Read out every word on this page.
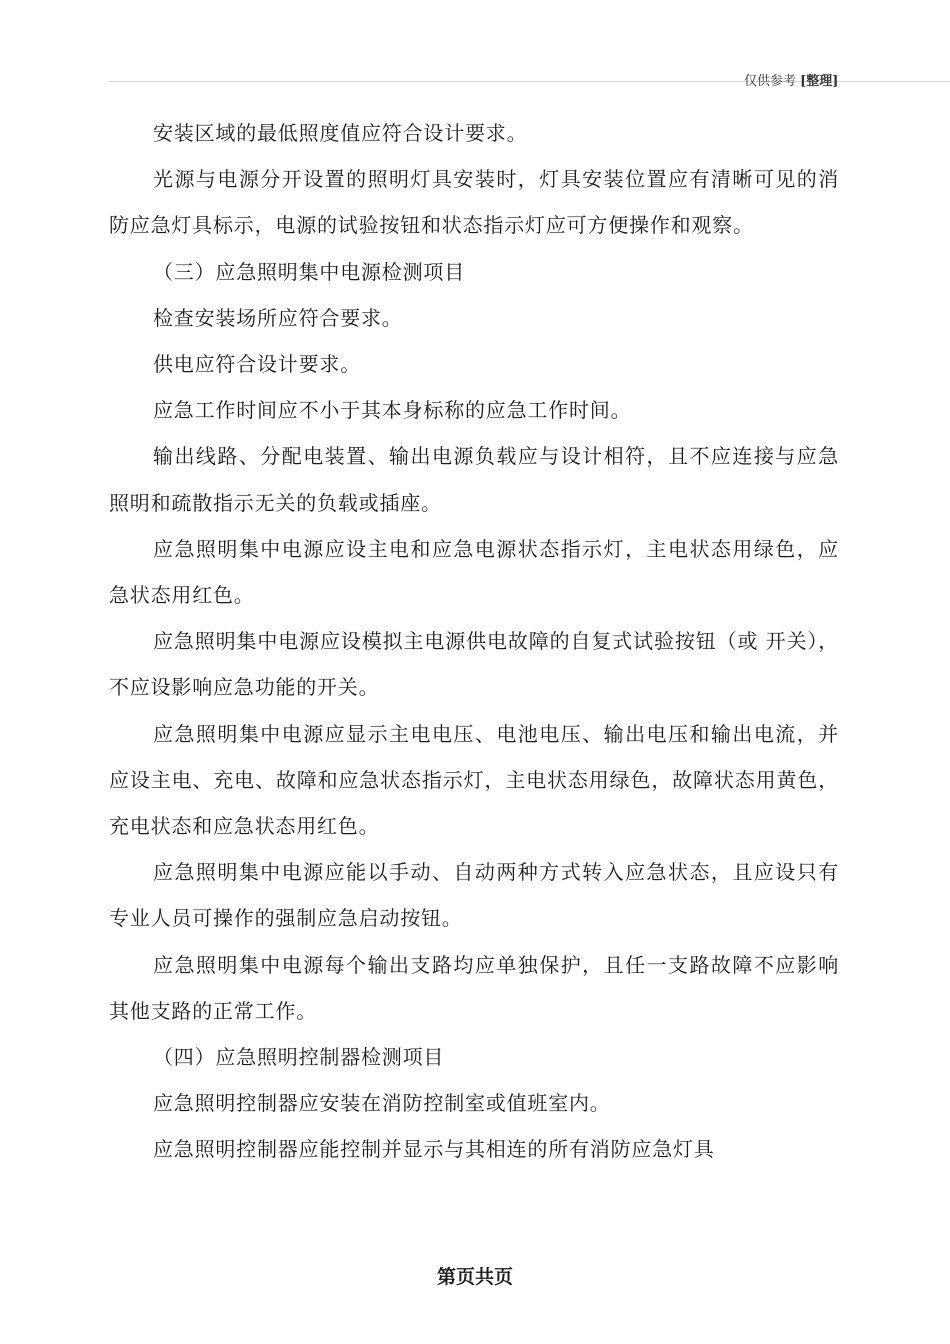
仅供参考 [整理]

安装区域的最低照度值应符合设计要求。

光源与电源分开设置的照明灯具安装时，灯具安装位置应有清晰可见的消防应急灯具标示，电源的试验按钮和状态指示灯应可方便操作和观察。

（三）应急照明集中电源检测项目

检查安装场所应符合要求。

供电应符合设计要求。

应急工作时间应不小于其本身标称的应急工作时间。

输出线路、分配电装置、输出电源负载应与设计相符，且不应连接与应急照明和疏散指示无关的负载或插座。

应急照明集中电源应设主电和应急电源状态指示灯，主电状态用绿色，应急状态用红色。

应急照明集中电源应设模拟主电源供电故障的自复式试验按钮（或 开关），不应设影响应急功能的开关。

应急照明集中电源应显示主电电压、电池电压、输出电压和输出电流，并应设主电、充电、故障和应急状态指示灯，主电状态用绿色，故障状态用黄色，充电状态和应急状态用红色。

应急照明集中电源应能以手动、自动两种方式转入应急状态，且应设只有专业人员可操作的强制应急启动按钮。

应急照明集中电源每个输出支路均应单独保护，且任一支路故障不应影响其他支路的正常工作。

（四）应急照明控制器检测项目

应急照明控制器应安装在消防控制室或值班室内。

应急照明控制器应能控制并显示与其相连的所有消防应急灯具

第页共页
